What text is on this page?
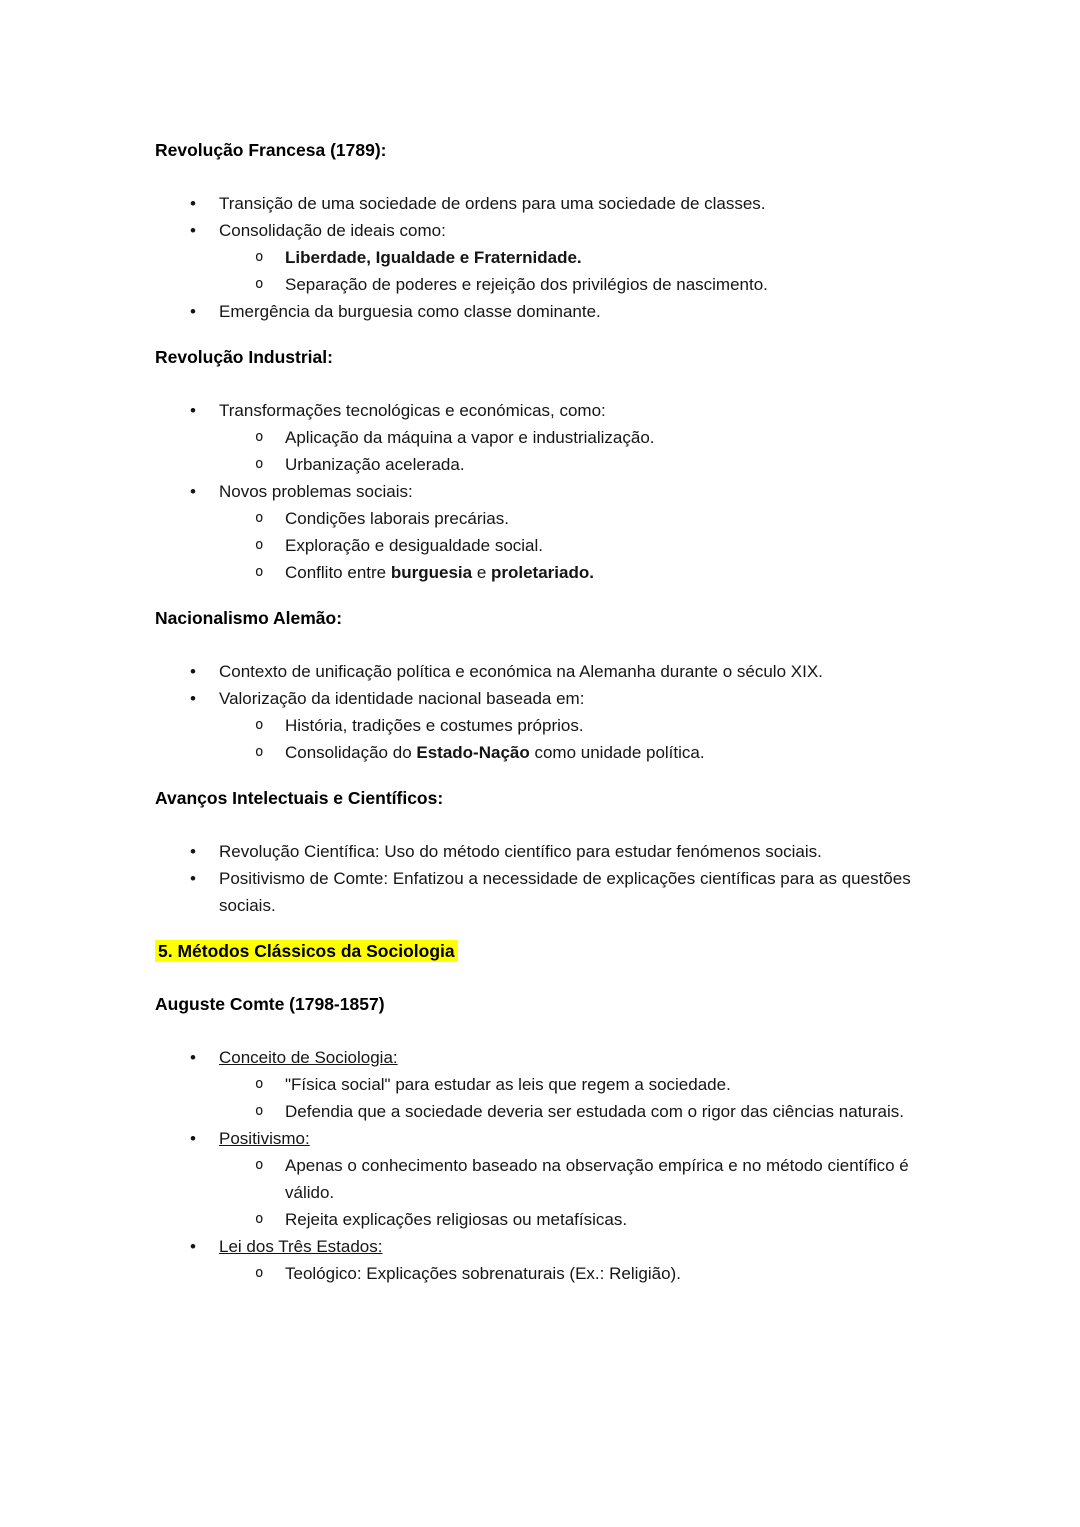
Revolução Francesa (1789):

• Transição de uma sociedade de ordens para uma sociedade de classes.
• Consolidação de ideais como:
o Liberdade, Igualdade e Fraternidade.
o Separação de poderes e rejeição dos privilégios de nascimento.
• Emergência da burguesia como classe dominante.

Revolução Industrial:

• Transformações tecnológicas e económicas, como:
o Aplicação da máquina a vapor e industrialização.
o Urbanização acelerada.
• Novos problemas sociais:
o Condições laborais precárias.
o Exploração e desigualdade social.
o Conflito entre burguesia e proletariado.

Nacionalismo Alemão:

• Contexto de unificação política e económica na Alemanha durante o século XIX.
• Valorização da identidade nacional baseada em:
o História, tradições e costumes próprios.
o Consolidação do Estado-Nação como unidade política.

Avanços Intelectuais e Científicos:

• Revolução Científica: Uso do método científico para estudar fenómenos sociais.
• Positivismo de Comte: Enfatizou a necessidade de explicações científicas para as questões sociais.

5. Métodos Clássicos da Sociologia

Auguste Comte (1798-1857)

• Conceito de Sociologia:
o "Física social" para estudar as leis que regem a sociedade.
o Defendia que a sociedade deveria ser estudada com o rigor das ciências naturais.
• Positivismo:
o Apenas o conhecimento baseado na observação empírica e no método científico é válido.
o Rejeita explicações religiosas ou metafísicas.
• Lei dos Três Estados:
o Teológico: Explicações sobrenaturais (Ex.: Religião).
